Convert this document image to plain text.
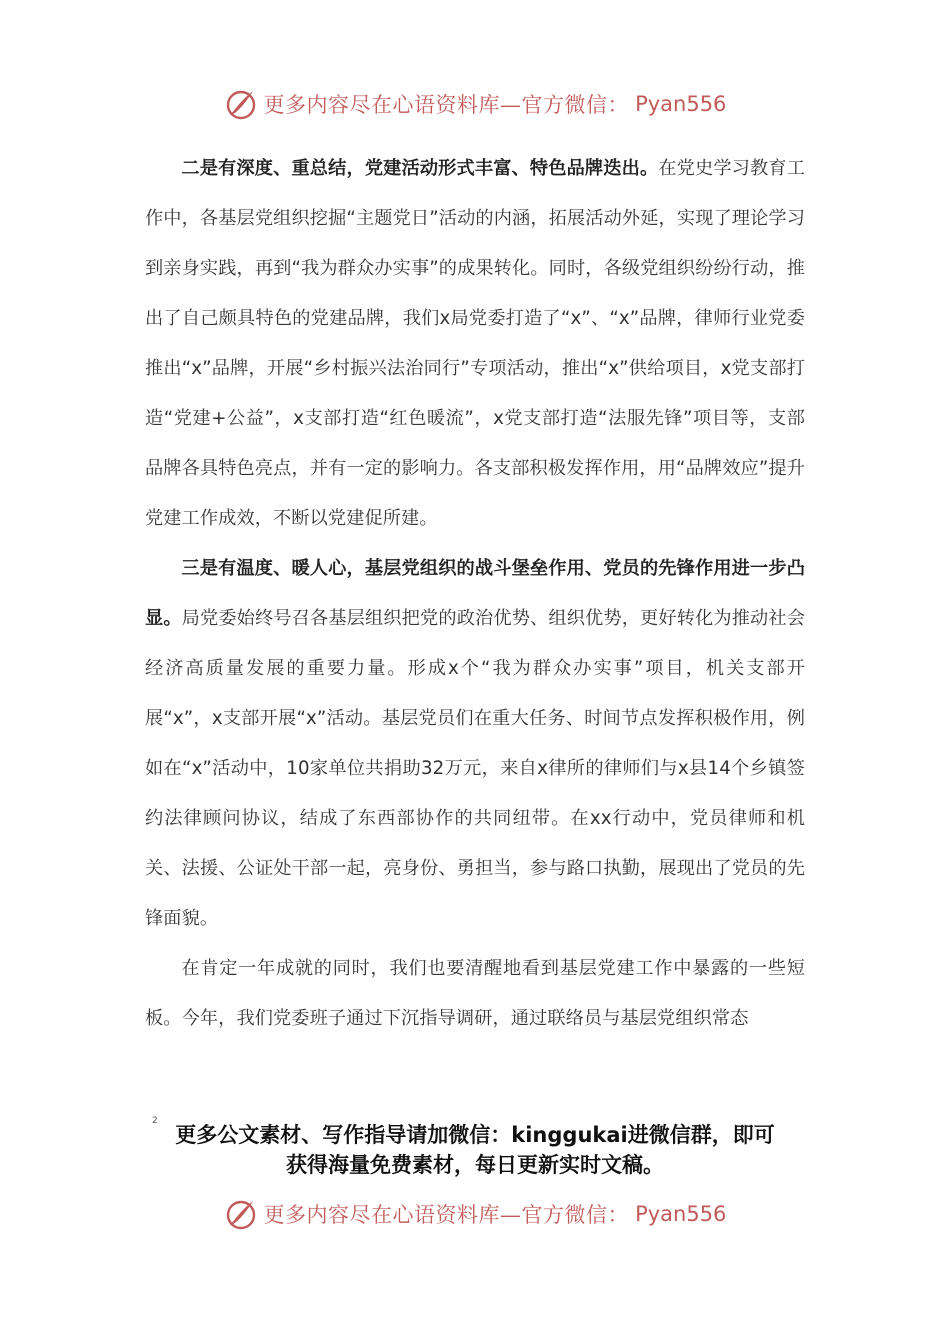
更多内容尽在心语资料库—官方微信： Pyan556

二是有深度、重总结，党建活动形式丰富、特色品牌迭出。在党史学习教育工作中，各基层党组织挖掘“主题党日”活动的内涵，拓展活动外延，实现了理论学习到亲身实践，再到“我为群众办实事”的成果转化。同时，各级党组织纷纷行动，推出了自己颇具特色的党建品牌，我们x局党委打造了“x”、“x”品牌，律师行业党委推出“x”品牌，开展“乡村振兴法治同行”专项活动，推出“x”供给项目，x党支部打造“党建+公益”，x支部打造“红色暖流”，x党支部打造“法服先锋”项目等，支部品牌各具特色亮点，并有一定的影响力。各支部积极发挥作用，用“品牌效应”提升党建工作成效，不断以党建促所建。

三是有温度、暖人心，基层党组织的战斗堡垒作用、党员的先锋作用进一步凸显。局党委始终号召各基层组织把党的政治优势、组织优势，更好转化为推动社会经济高质量发展的重要力量。形成x个“我为群众办实事”项目，机关支部开展“x”，x支部开展“x”活动。基层党员们在重大任务、时间节点发挥积极作用，例如在“x”活动中，10家单位共捐助32万元，来自x律所的律师们与x县14个乡镇签约法律顾问协议，结成了东西部协作的共同纽带。在xx行动中，党员律师和机关、法援、公证处干部一起，亮身份、勇担当，参与路口执勤，展现出了党员的先锋面貌。

在肯定一年成就的同时，我们也要清醒地看到基层党建工作中暴露的一些短板。今年，我们党委班子通过下沉指导调研，通过联络员与基层党组织常态

2
更多公文素材、写作指导请加微信：kinggukai进微信群，即可
获得海量免费素材，每日更新实时文稿。
更多内容尽在心语资料库—官方微信： Pyan556
